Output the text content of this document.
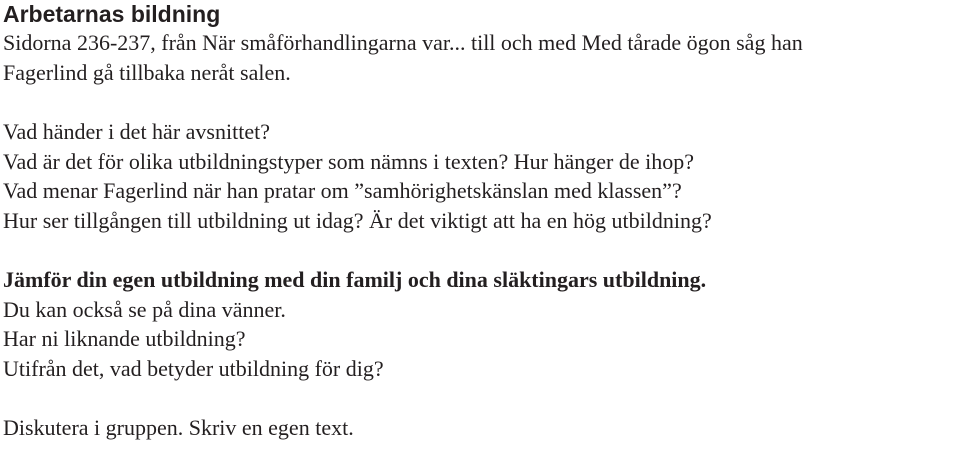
Arbetarnas bildning
Sidorna 236-237, från När småförhandlingarna var... till och med Med tårade ögon såg han
Fagerlind gå tillbaka neråt salen.
Vad händer i det här avsnittet?
Vad är det för olika utbildningstyper som nämns i texten? Hur hänger de ihop?
Vad menar Fagerlind när han pratar om ”samhörighetskänslan med klassen”?
Hur ser tillgången till utbildning ut idag? Är det viktigt att ha en hög utbildning?
Jämför din egen utbildning med din familj och dina släktingars utbildning.
Du kan också se på dina vänner.
Har ni liknande utbildning?
Utifrån det, vad betyder utbildning för dig?
Diskutera i gruppen. Skriv en egen text.
